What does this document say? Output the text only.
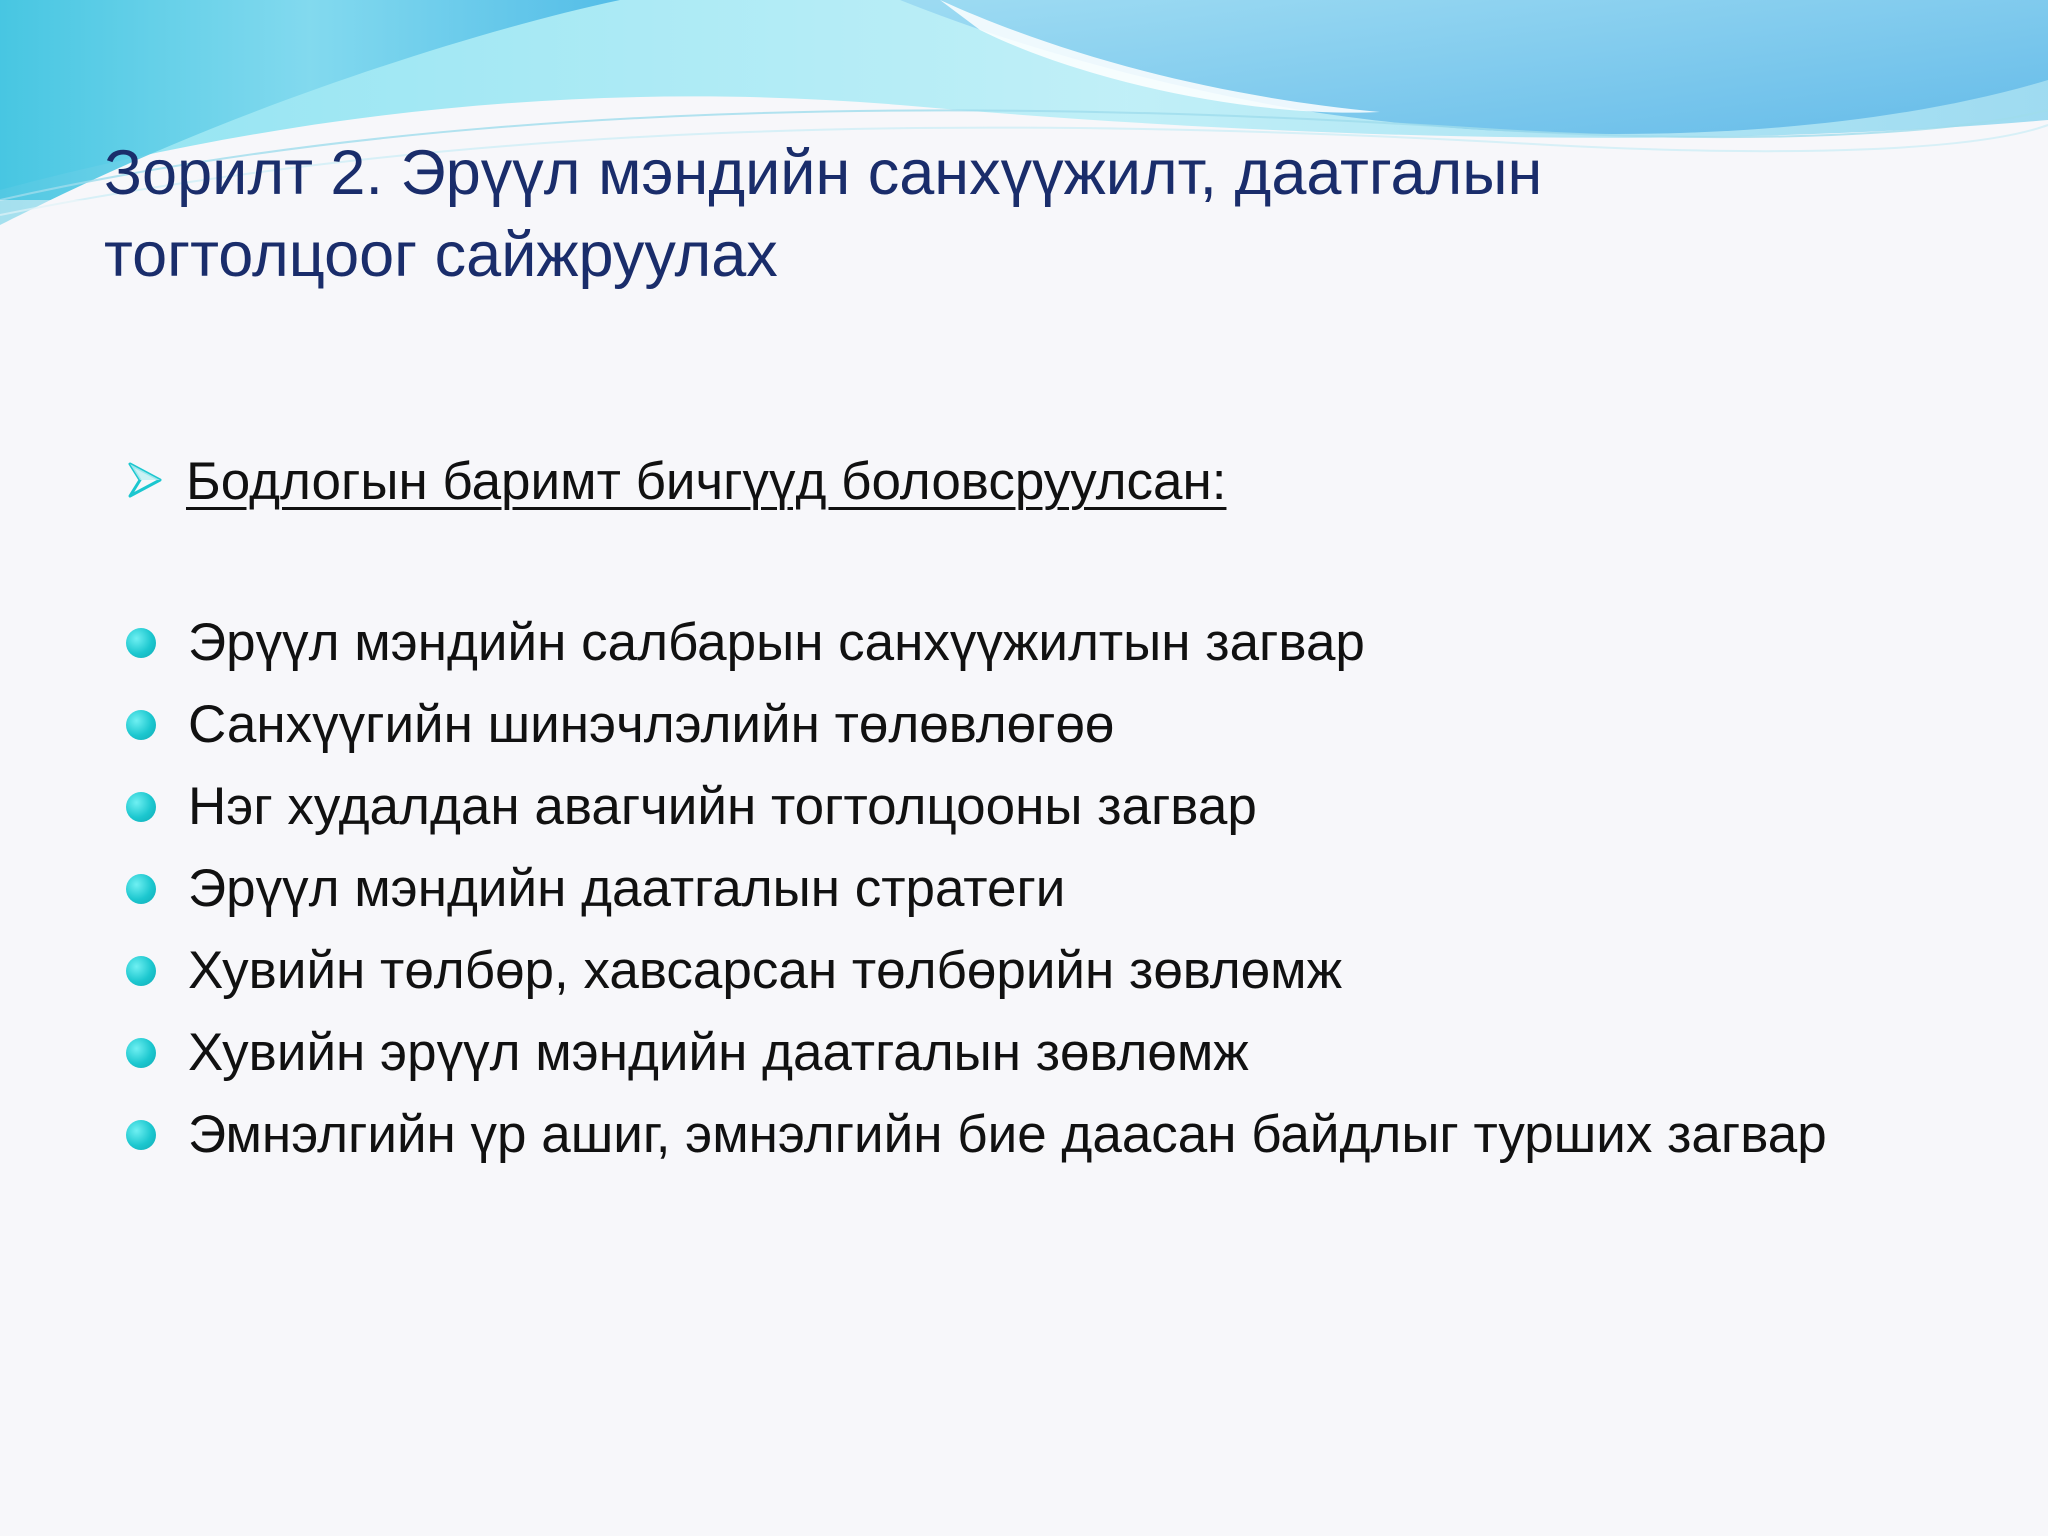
Зорилт 2. Эрүүл мэндийн санхүүжилт, даатгалын
тогтолцоог сайжруулах
Бодлогын баримт бичгүүд боловсруулсан:
Эрүүл мэндийн салбарын санхүүжилтын загвар
Санхүүгийн шинэчлэлийн төлөвлөгөө
Нэг худалдан авагчийн тогтолцооны загвар
Эрүүл мэндийн даатгалын стратеги
Хувийн төлбөр, хавсарсан төлбөрийн зөвлөмж
Хувийн эрүүл мэндийн даатгалын зөвлөмж
Эмнэлгийн үр ашиг, эмнэлгийн бие даасан байдлыг турших загвар
